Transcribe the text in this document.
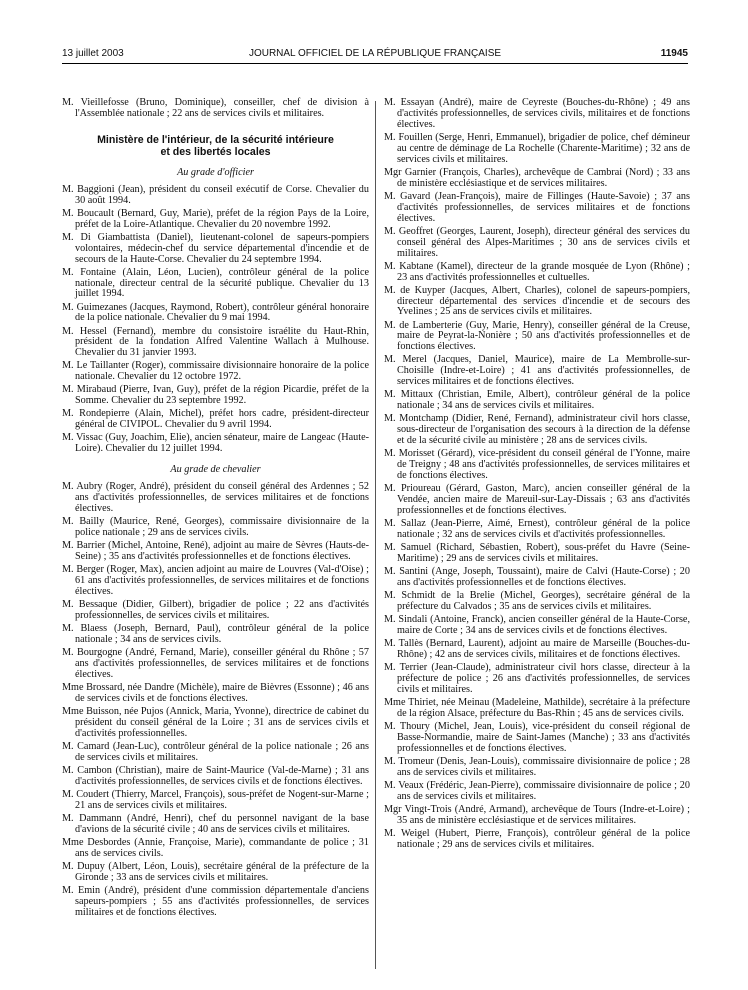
13 juillet 2003	JOURNAL OFFICIEL DE LA RÉPUBLIQUE FRANÇAISE	11945

M. Vieillefosse (Bruno, Dominique), conseiller, chef de division à l'Assemblée nationale ; 22 ans de services civils et militaires.

Ministère de l'intérieur, de la sécurité intérieure
et des libertés locales
Au grade d'officier

M. Baggioni (Jean), président du conseil exécutif de Corse. Chevalier du 30 août 1994.

M. Boucault (Bernard, Guy, Marie), préfet de la région Pays de la Loire, préfet de la Loire-Atlantique. Chevalier du 20 novembre 1992.

M. Di Giambattista (Daniel), lieutenant-colonel de sapeurs-pompiers volontaires, médecin-chef du service départemental d'incendie et de secours de la Haute-Corse. Chevalier du 24 septembre 1994.

M. Fontaine (Alain, Léon, Lucien), contrôleur général de la police nationale, directeur central de la sécurité publique. Chevalier du 13 juillet 1994.

M. Guimezanes (Jacques, Raymond, Robert), contrôleur général honoraire de la police nationale. Chevalier du 9 mai 1994.

M. Hessel (Fernand), membre du consistoire israélite du Haut-Rhin, président de la fondation Alfred Valentine Wallach à Mulhouse. Chevalier du 31 janvier 1993.

M. Le Taillanter (Roger), commissaire divisionnaire honoraire de la police nationale. Chevalier du 12 octobre 1972.

M. Mirabaud (Pierre, Ivan, Guy), préfet de la région Picardie, préfet de la Somme. Chevalier du 23 septembre 1992.

M. Rondepierre (Alain, Michel), préfet hors cadre, président-directeur général de CIVIPOL. Chevalier du 9 avril 1994.

M. Vissac (Guy, Joachim, Elie), ancien sénateur, maire de Langeac (Haute-Loire). Chevalier du 12 juillet 1994.

Au grade de chevalier

M. Aubry (Roger, André), président du conseil général des Ardennes ; 52 ans d'activités professionnelles, de services militaires et de fonctions électives.

M. Bailly (Maurice, René, Georges), commissaire divisionnaire de la police nationale ; 29 ans de services civils.

M. Barrier (Michel, Antoine, René), adjoint au maire de Sèvres (Hauts-de-Seine) ; 35 ans d'activités professionnelles et de fonctions électives.

M. Berger (Roger, Max), ancien adjoint au maire de Louvres (Val-d'Oise) ; 61 ans d'activités professionnelles, de services militaires et de fonctions électives.

M. Bessaque (Didier, Gilbert), brigadier de police ; 22 ans d'activités professionnelles, de services civils et militaires.

M. Blaess (Joseph, Bernard, Paul), contrôleur général de la police nationale ; 34 ans de services civils.

M. Bourgogne (André, Fernand, Marie), conseiller général du Rhône ; 57 ans d'activités professionnelles, de services militaires et de fonctions électives.

Mme Brossard, née Dandre (Michèle), maire de Bièvres (Essonne) ; 46 ans de services civils et de fonctions électives.

Mme Buisson, née Pujos (Annick, Maria, Yvonne), directrice de cabinet du président du conseil général de la Loire ; 31 ans de services civils et d'activités professionnelles.

M. Camard (Jean-Luc), contrôleur général de la police nationale ; 26 ans de services civils et militaires.

M. Cambon (Christian), maire de Saint-Maurice (Val-de-Marne) ; 31 ans d'activités professionnelles, de services civils et de fonctions électives.

M. Coudert (Thierry, Marcel, François), sous-préfet de Nogent-sur-Marne ; 21 ans de services civils et militaires.

M. Dammann (André, Henri), chef du personnel navigant de la base d'avions de la sécurité civile ; 40 ans de services civils et militaires.

Mme Desbordes (Annie, Françoise, Marie), commandante de police ; 31 ans de services civils.

M. Dupuy (Albert, Léon, Louis), secrétaire général de la préfecture de la Gironde ; 33 ans de services civils et militaires.

M. Emin (André), président d'une commission départementale d'anciens sapeurs-pompiers ; 55 ans d'activités professionnelles, de services militaires et de fonctions électives.

M. Essayan (André), maire de Ceyreste (Bouches-du-Rhône) ; 49 ans d'activités professionnelles, de services civils, militaires et de fonctions électives.

M. Fouillen (Serge, Henri, Emmanuel), brigadier de police, chef démineur au centre de déminage de La Rochelle (Charente-Maritime) ; 32 ans de services civils et militaires.

Mgr Garnier (François, Charles), archevêque de Cambrai (Nord) ; 33 ans de ministère ecclésiastique et de services militaires.

M. Gavard (Jean-François), maire de Fillinges (Haute-Savoie) ; 37 ans d'activités professionnelles, de services militaires et de fonctions électives.

M. Geoffret (Georges, Laurent, Joseph), directeur général des services du conseil général des Alpes-Maritimes ; 30 ans de services civils et militaires.

M. Kabtane (Kamel), directeur de la grande mosquée de Lyon (Rhône) ; 23 ans d'activités professionnelles et cultuelles.

M. de Kuyper (Jacques, Albert, Charles), colonel de sapeurs-pompiers, directeur départemental des services d'incendie et de secours des Yvelines ; 25 ans de services civils et militaires.

M. de Lamberterie (Guy, Marie, Henry), conseiller général de la Creuse, maire de Peyrat-la-Nonière ; 50 ans d'activités professionnelles et de fonctions électives.

M. Merel (Jacques, Daniel, Maurice), maire de La Membrolle-sur-Choisille (Indre-et-Loire) ; 41 ans d'activités professionnelles, de services militaires et de fonctions électives.

M. Mittaux (Christian, Emile, Albert), contrôleur général de la police nationale ; 34 ans de services civils et militaires.

M. Montchamp (Didier, René, Fernand), administrateur civil hors classe, sous-directeur de l'organisation des secours à la direction de la défense et de la sécurité civile au ministère ; 28 ans de services civils.

M. Morisset (Gérard), vice-président du conseil général de l'Yonne, maire de Treigny ; 48 ans d'activités professionnelles, de services militaires et de fonctions électives.

M. Prioureau (Gérard, Gaston, Marc), ancien conseiller général de la Vendée, ancien maire de Mareuil-sur-Lay-Dissais ; 63 ans d'activités professionnelles et de fonctions électives.

M. Sallaz (Jean-Pierre, Aimé, Ernest), contrôleur général de la police nationale ; 32 ans de services civils et d'activités professionnelles.

M. Samuel (Richard, Sébastien, Robert), sous-préfet du Havre (Seine-Maritime) ; 29 ans de services civils et militaires.

M. Santini (Ange, Joseph, Toussaint), maire de Calvi (Haute-Corse) ; 20 ans d'activités professionnelles et de fonctions électives.

M. Schmidt de la Brelie (Michel, Georges), secrétaire général de la préfecture du Calvados ; 35 ans de services civils et militaires.

M. Sindali (Antoine, Franck), ancien conseiller général de la Haute-Corse, maire de Corte ; 34 ans de services civils et de fonctions électives.

M. Tallès (Bernard, Laurent), adjoint au maire de Marseille (Bouches-du-Rhône) ; 42 ans de services civils, militaires et de fonctions électives.

M. Terrier (Jean-Claude), administrateur civil hors classe, directeur à la préfecture de police ; 26 ans d'activités professionnelles, de services civils et militaires.

Mme Thiriet, née Meinau (Madeleine, Mathilde), secrétaire à la préfecture de la région Alsace, préfecture du Bas-Rhin ; 45 ans de services civils.

M. Thoury (Michel, Jean, Louis), vice-président du conseil régional de Basse-Normandie, maire de Saint-James (Manche) ; 33 ans d'activités professionnelles et de fonctions électives.

M. Tromeur (Denis, Jean-Louis), commissaire divisionnaire de police ; 28 ans de services civils et militaires.

M. Veaux (Frédéric, Jean-Pierre), commissaire divisionnaire de police ; 20 ans de services civils et militaires.

Mgr Vingt-Trois (André, Armand), archevêque de Tours (Indre-et-Loire) ; 35 ans de ministère ecclésiastique et de services militaires.

M. Weigel (Hubert, Pierre, François), contrôleur général de la police nationale ; 29 ans de services civils et militaires.
